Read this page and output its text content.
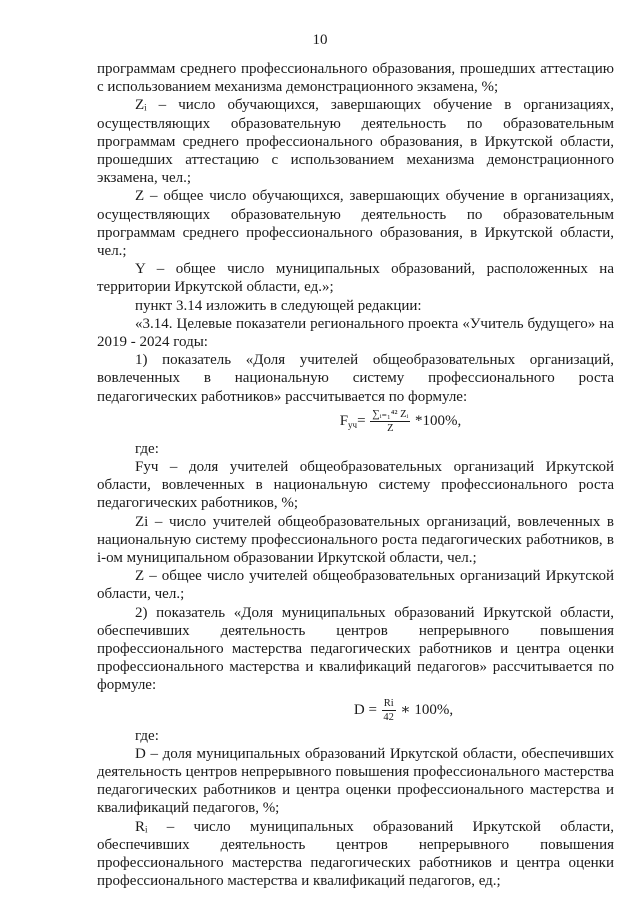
10

программам среднего профессионального образования, прошедших аттестацию с использованием механизма демонстрационного экзамена, %;

Zᵢ – число обучающихся, завершающих обучение в организациях, осуществляющих образовательную деятельность по образовательным программам среднего профессионального образования, в Иркутской области, прошедших аттестацию с использованием механизма демонстрационного экзамена, чел.;

Z – общее число обучающихся, завершающих обучение в организациях, осуществляющих образовательную деятельность по образовательным программам среднего профессионального образования, в Иркутской области, чел.;

Y – общее число муниципальных образований, расположенных на территории Иркутской области, ед.»;

пункт 3.14 изложить в следующей редакции:

«3.14. Целевые показатели регионального проекта «Учитель будущего» на 2019 - 2024 годы:

1) показатель «Доля учителей общеобразовательных организаций, вовлеченных в национальную систему профессионального роста педагогических работников» рассчитывается по формуле:

$F_{уч}= \frac{\text{∑ᵢ₌₁⁴² Zᵢ}}{Z} *100\%$,

где:

Fуч – доля учителей общеобразовательных организаций Иркутской области, вовлеченных в национальную систему профессионального роста педагогических работников, %;

Zi – число учителей общеобразовательных организаций, вовлеченных в национальную систему профессионального роста педагогических работников, в i-ом муниципальном образовании Иркутской области, чел.;

Z – общее число учителей общеобразовательных организаций Иркутской области, чел.;

2) показатель «Доля муниципальных образований Иркутской области, обеспечивших деятельность центров непрерывного повышения профессионального мастерства педагогических работников и центра оценки профессионального мастерства и квалификаций педагогов» рассчитывается по формуле:

$D = \frac{Ri}{42}$ ∗ 100%,

где:

D – доля муниципальных образований Иркутской области, обеспечивших деятельность центров непрерывного повышения профессионального мастерства педагогических работников и центра оценки профессионального мастерства и квалификаций педагогов, %;

Rᵢ – число муниципальных образований Иркутской области, обеспечивших деятельность центров непрерывного повышения профессионального мастерства педагогических работников и центра оценки профессионального мастерства и квалификаций педагогов, ед.;
